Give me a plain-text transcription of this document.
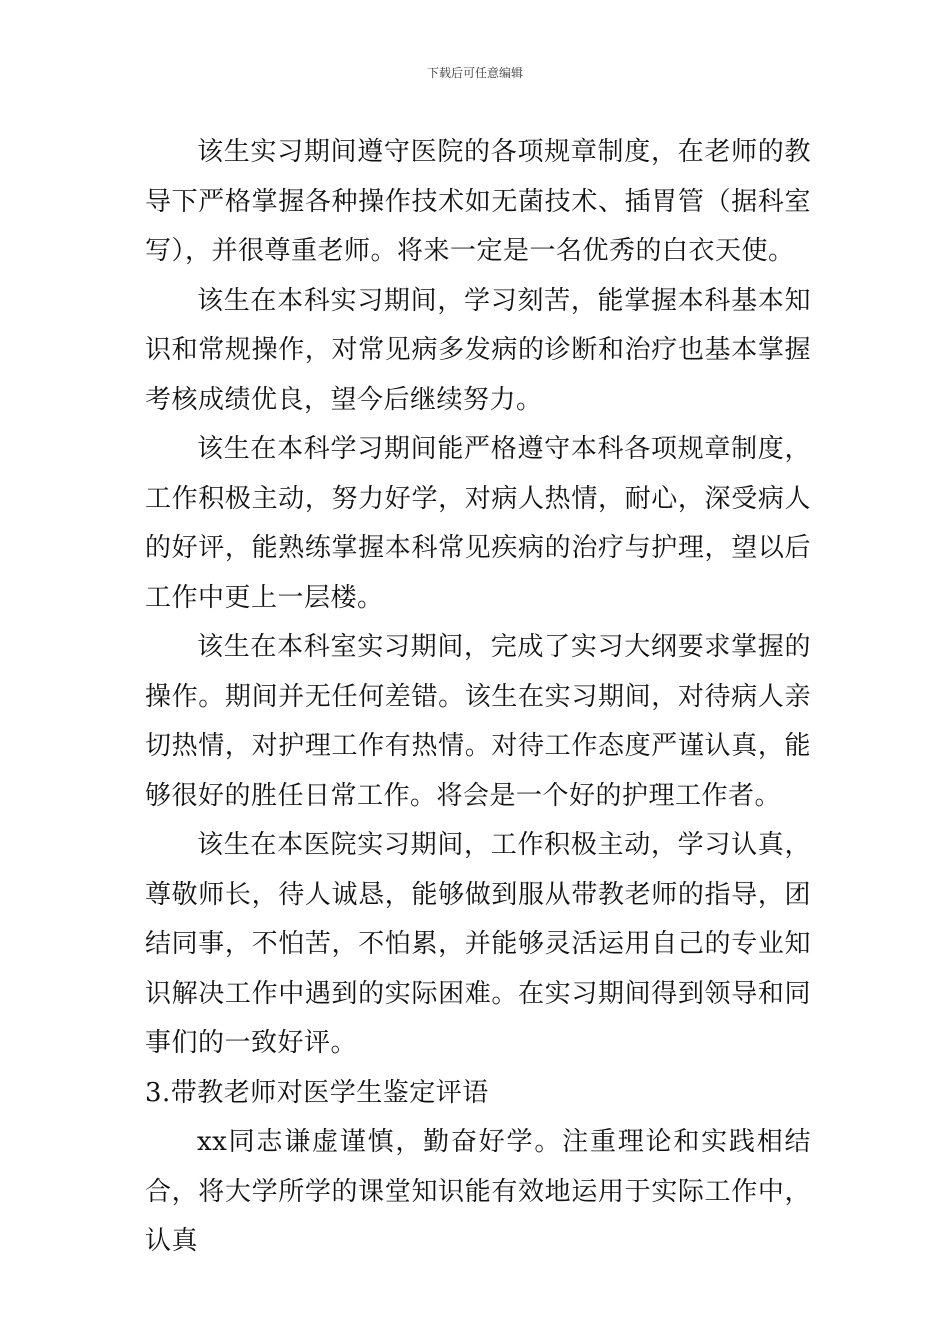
下载后可任意编辑

该生实习期间遵守医院的各项规章制度，在老师的教导下严格掌握各种操作技术如无菌技术、插胃管（据科室写），并很尊重老师。将来一定是一名优秀的白衣天使。

该生在本科实习期间，学习刻苦，能掌握本科基本知识和常规操作，对常见病多发病的诊断和治疗也基本掌握考核成绩优良，望今后继续努力。

该生在本科学习期间能严格遵守本科各项规章制度，工作积极主动，努力好学，对病人热情，耐心，深受病人的好评，能熟练掌握本科常见疾病的治疗与护理，望以后工作中更上一层楼。

该生在本科室实习期间，完成了实习大纲要求掌握的操作。期间并无任何差错。该生在实习期间，对待病人亲切热情，对护理工作有热情。对待工作态度严谨认真，能够很好的胜任日常工作。将会是一个好的护理工作者。

该生在本医院实习期间，工作积极主动，学习认真，尊敬师长，待人诚恳，能够做到服从带教老师的指导，团结同事，不怕苦，不怕累，并能够灵活运用自己的专业知识解决工作中遇到的实际困难。在实习期间得到领导和同事们的一致好评。

3.带教老师对医学生鉴定评语

xx同志谦虚谨慎，勤奋好学。注重理论和实践相结合，将大学所学的课堂知识能有效地运用于实际工作中，认真
